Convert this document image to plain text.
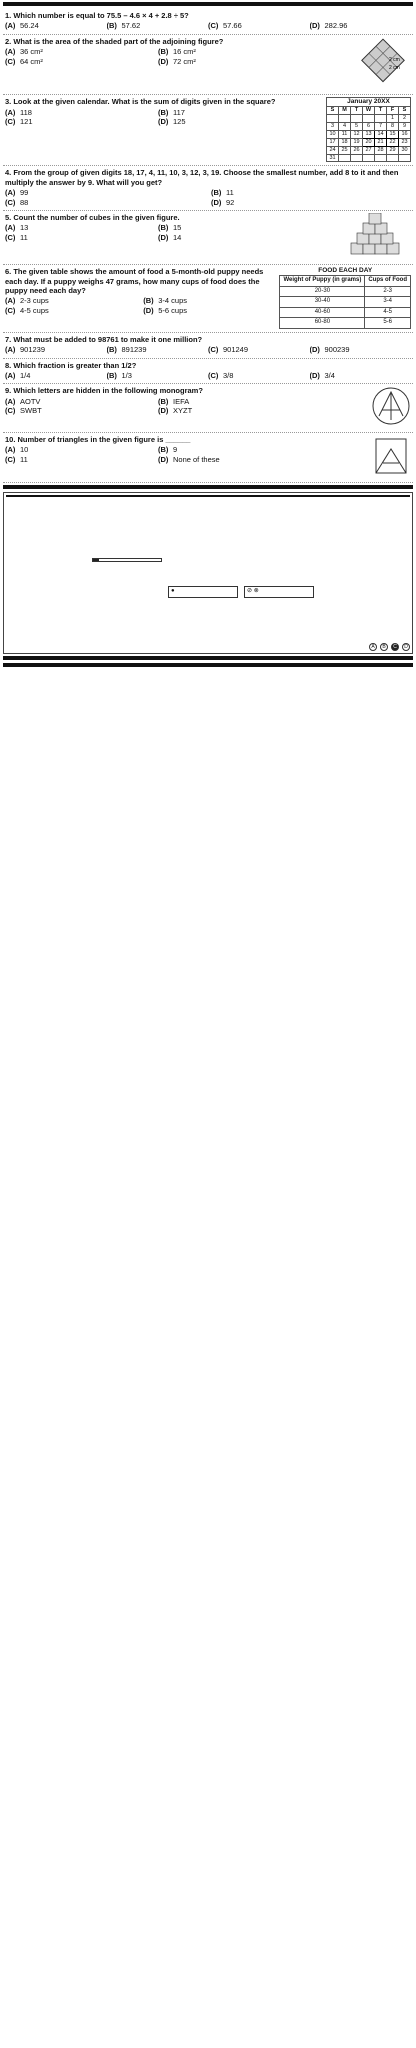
1. Which number is equal to 75.5 – 4.6 × 4 + 2.8 ÷ 5?
(A) 56.24	(B) 57.62	(C) 57.66	(D) 282.96
2. What is the area of the shaded part of the adjoining figure?
(A) 36 cm²	(B) 16 cm²
(C) 64 cm²	(D) 72 cm²	2 cm
2 cm
3. Look at the given calendar. What is the sum of digits given in the square?
(A) 118	(B) 117
(C) 121	(D) 125
January 20XX						
S	M	T	W	T	F	S
					1	2
3	4	5	6	7	8	9
10	11	12	13	14	15	16
17	18	19	20	21	22	23
24	25	26	27	28	29	30
31						
4. From the group of given digits 18, 17, 4, 11, 10, 3, 12, 3, 19. Choose the smallest number, add 8 to it and then multiply the answer by 9. What will you get?
(A) 99	(B) 11
(C) 88	(D) 92
5. Count the number of cubes in the given figure.
(A) 13	(B) 15
(C) 11	(D) 14
6. The given table shows the amount of food a 5-month-old puppy needs each day. If a puppy weighs 47 grams, how many cups of food does the puppy need each day?
(A) 2-3 cups	(B) 3-4 cups
(C) 4-5 cups	(D) 5-6 cups
FOOD EACH DAY
Weight of Puppy (in grams)	Cups of Food
20-30	2-3
30-40	3-4
40-60	4-5
60-80	5-6
7. What must be added to 98761 to make it one million?
(A) 901239	(B) 891239	(C) 901249	(D) 900239
8. Which fraction is greater than 1/2?
(A) 1/4	(B) 1/3	(C) 3/8	(D) 3/4
9. Which letters are hidden in the following monogram?
(A) AOTV	(B) IEFA
(C) SWBT	(D) XYZT
10. Number of triangles in the given figure is ______
(A) 10	(B) 9
(C) 11	(D) None of these

●	⊘ ⊗
A	B	C	D
